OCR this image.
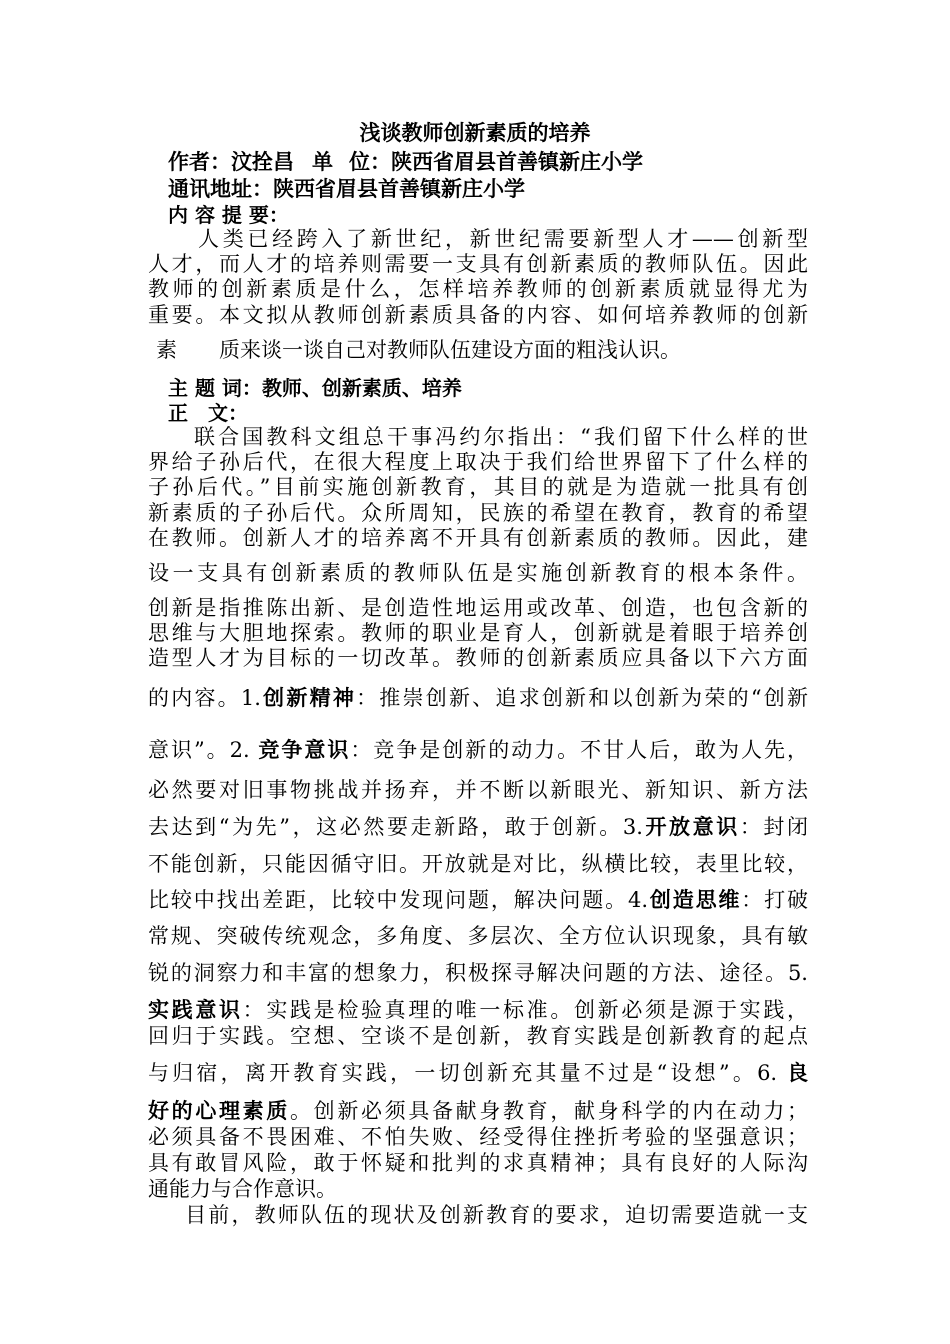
浅谈教师创新素质的培养
作者：汶拴昌 单 位：陕西省眉县首善镇新庄小学
通讯地址：陕西省眉县首善镇新庄小学
内 容 提 要：
人类已经跨入了新世纪，新世纪需要新型人才——创新型
人才，而人才的培养则需要一支具有创新素质的教师队伍。因此
教师的创新素质是什么，怎样培养教师的创新素质就显得尤为
重要。本文拟从教师创新素质具备的内容、如何培养教师的创新
素　　质来谈一谈自己对教师队伍建设方面的粗浅认识。
主 题 词：教师、创新素质、培养
正　文：
联合国教科文组总干事冯约尔指出：“我们留下什么样的世
界给子孙后代，在很大程度上取决于我们给世界留下了什么样的
子孙后代。”目前实施创新教育，其目的就是为造就一批具有创
新素质的子孙后代。众所周知，民族的希望在教育，教育的希望
在教师。创新人才的培养离不开具有创新素质的教师。因此，建
设一支具有创新素质的教师队伍是实施创新教育的根本条件。
创新是指推陈出新、是创造性地运用或改革、创造，也包含新的
思维与大胆地探索。教师的职业是育人，创新就是着眼于培养创
造型人才为目标的一切改革。教师的创新素质应具备以下六方面
的内容。1.创新精神：推崇创新、追求创新和以创新为荣的“创新
意识”。2. 竞争意识：竞争是创新的动力。不甘人后，敢为人先，
必然要对旧事物挑战并扬弃，并不断以新眼光、新知识、新方法
去达到“为先”，这必然要走新路，敢于创新。3.开放意识：封闭
不能创新，只能因循守旧。开放就是对比，纵横比较，表里比较，
比较中找出差距，比较中发现问题，解决问题。4.创造思维：打破
常规、突破传统观念，多角度、多层次、全方位认识现象，具有敏
锐的洞察力和丰富的想象力，积极探寻解决问题的方法、途径。5.
实践意识：实践是检验真理的唯一标准。创新必须是源于实践，
回归于实践。空想、空谈不是创新，教育实践是创新教育的起点
与归宿，离开教育实践，一切创新充其量不过是“设想”。6. 良
好的心理素质。创新必须具备献身教育，献身科学的内在动力；
必须具备不畏困难、不怕失败、经受得住挫折考验的坚强意识；
具有敢冒风险，敢于怀疑和批判的求真精神；具有良好的人际沟
通能力与合作意识。
　目前，教师队伍的现状及创新教育的要求，迫切需要造就一支
